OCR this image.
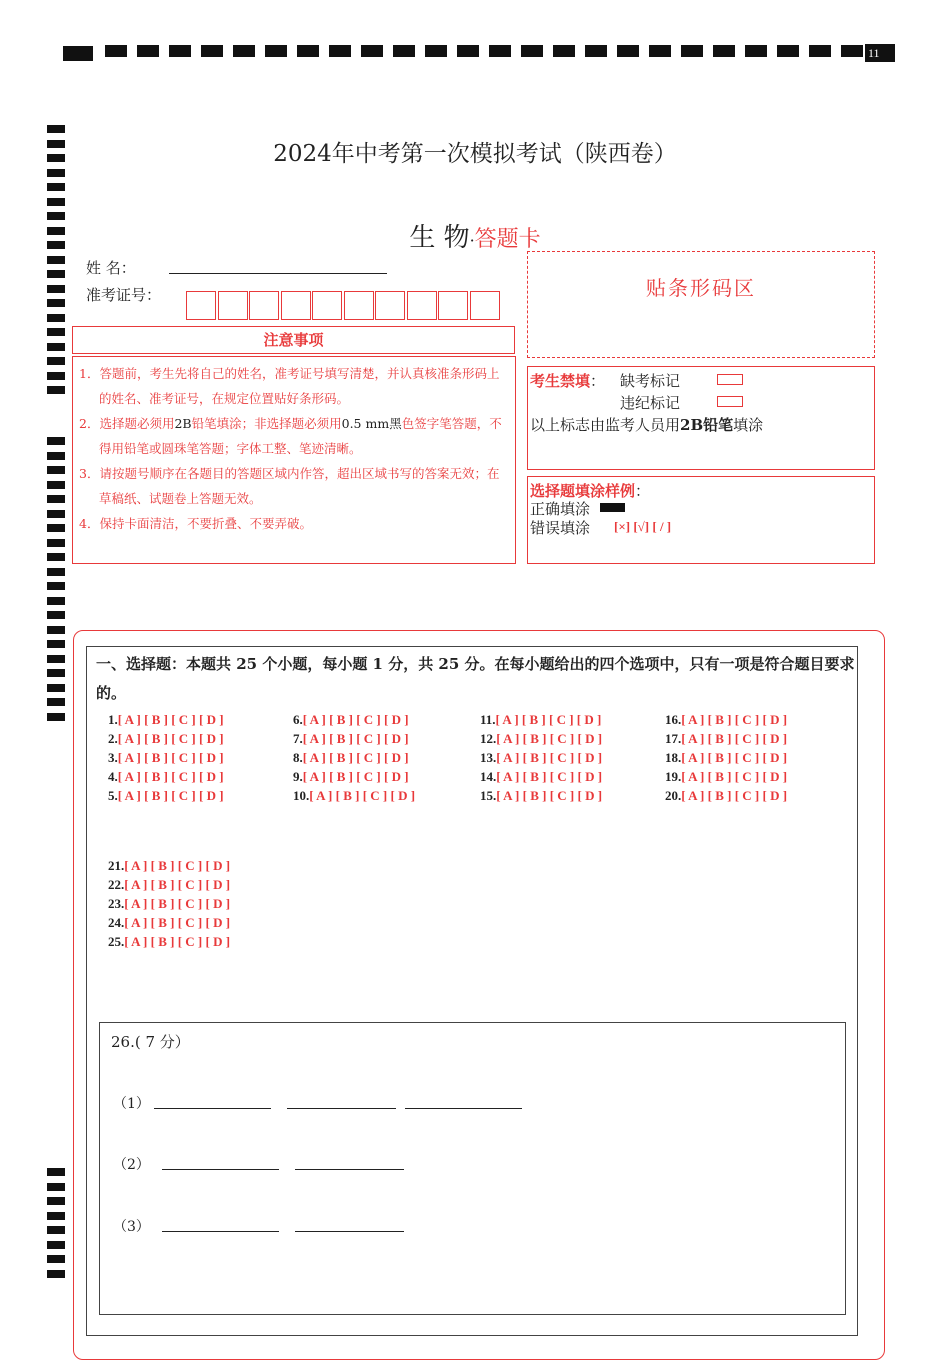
11
2024年中考第一次模拟考试（陕西卷）
生 物·答题卡
姓 名：
准考证号：	贴条形码区
注意事项

1．答题前，考生先将自己的姓名，准考证号填写清楚，并认真核准条形码上的姓名、准考证号，在规定位置贴好条形码。

2．选择题必须用2B铅笔填涂；非选择题必须用0.5 mm黑色签字笔答题，不得用铅笔或圆珠笔答题；字体工整、笔迹清晰。

3．请按题号顺序在各题目的答题区域内作答，超出区域书写的答案无效；在草稿纸、试题卷上答题无效。

4．保持卡面清洁，不要折叠、不要弄破。

考生禁填： 缺考标记
违纪标记
以上标志由监考人员用2B铅笔填涂
选择题填涂样例：
正确填涂
错误填涂 [×] [√] [ / ]
一、选择题：本题共 25 个小题，每小题 1 分，共 25 分。在每小题给出的四个选项中，只有一项是符合题目要求的。
1.[ A ] [ B ] [ C ] [ D ]
2.[ A ] [ B ] [ C ] [ D ]
3.[ A ] [ B ] [ C ] [ D ]
4.[ A ] [ B ] [ C ] [ D ]
5.[ A ] [ B ] [ C ] [ D ]
6.[ A ] [ B ] [ C ] [ D ]
7.[ A ] [ B ] [ C ] [ D ]
8.[ A ] [ B ] [ C ] [ D ]
9.[ A ] [ B ] [ C ] [ D ]
10.[ A ] [ B ] [ C ] [ D ]
11.[ A ] [ B ] [ C ] [ D ]
12.[ A ] [ B ] [ C ] [ D ]
13.[ A ] [ B ] [ C ] [ D ]
14.[ A ] [ B ] [ C ] [ D ]
15.[ A ] [ B ] [ C ] [ D ]
16.[ A ] [ B ] [ C ] [ D ]
17.[ A ] [ B ] [ C ] [ D ]
18.[ A ] [ B ] [ C ] [ D ]
19.[ A ] [ B ] [ C ] [ D ]
20.[ A ] [ B ] [ C ] [ D ]
21.[ A ] [ B ] [ C ] [ D ]
22.[ A ] [ B ] [ C ] [ D ]
23.[ A ] [ B ] [ C ] [ D ]
24.[ A ] [ B ] [ C ] [ D ]
25.[ A ] [ B ] [ C ] [ D ]
26.( 7 分）
（1）
（2）
（3）
